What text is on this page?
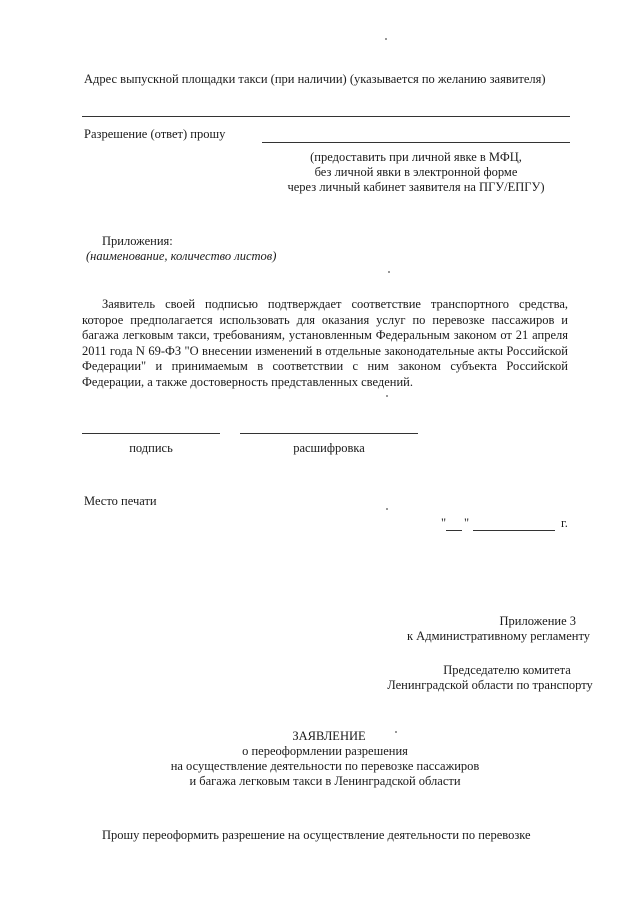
Адрес выпускной площадки такси (при наличии) (указывается по желанию заявителя)
Разрешение (ответ) прошу
(предоставить при личной явке в МФЦ,
без личной явки в электронной форме
через личный кабинет заявителя на ПГУ/ЕПГУ)
Приложения:
(наименование, количество листов)
Заявитель своей подписью подтверждает соответствие транспортного средства, которое предполагается использовать для оказания услуг по перевозке пассажиров и багажа легковым такси, требованиям, установленным Федеральным законом от 21 апреля 2011 года N 69-ФЗ "О внесении изменений в отдельные законодательные акты Российской Федерации" и принимаемым в соответствии с ним законом субъекта Российской Федерации, а также достоверность представленных сведений.
подпись	расшифровка
Место печати
" "	г.
Приложение 3
к Административному регламенту
Председателю комитета
Ленинградской области по транспорту
ЗАЯВЛЕНИЕ
о переоформлении разрешения
на осуществление деятельности по перевозке пассажиров
и багажа легковым такси в Ленинградской области
Прошу переоформить разрешение на осуществление деятельности по перевозке
